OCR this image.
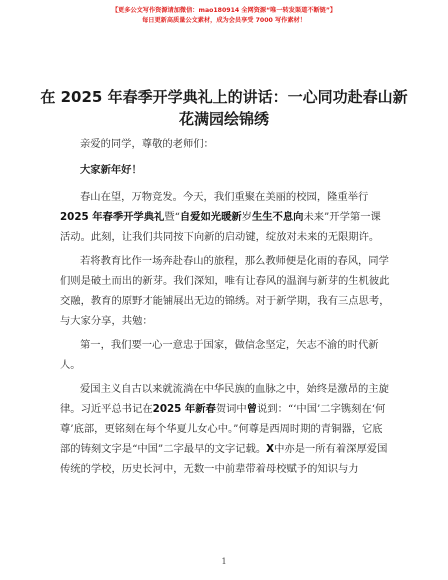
【更多公文写作资源请加微信：mao180914 全网资源“唯一转发渠道不断链”】
每日更新高质量公文素材，成为会员享受 7000 写作素材！
在 2025 年春季开学典礼上的讲话：一心同功赴春山新花满园绘锦绣

亲爱的同学，尊敬的老师们：

大家新年好！

春山在望，万物竞发。今天，我们重聚在美丽的校园，隆重举行2025 年春季开学典礼暨“自爱如光暖新岁生生不息向未来”开学第一课活动。此刻，让我们共同按下向新的启动键，绽放对未来的无限期许。

若将教育比作一场奔赴春山的旅程，那么教师便是化雨的春风，同学们则是破土而出的新芽。我们深知，唯有让春风的温润与新芽的生机彼此交融，教育的原野才能铺展出无边的锦绣。对于新学期，我有三点思考，与大家分享，共勉：

第一，我们要一心一意忠于国家，做信念坚定，矢志不渝的时代新人。

爱国主义自古以来就流淌在中华民族的血脉之中，始终是激昂的主旋律。习近平总书记在2025 年新春贺词中曾说到：“‘中国’二字镌刻在‘何尊’底部，更铭刻在每个华夏儿女心中。”何尊是西周时期的青铜器，它底部的铸刻文字是“中国”二字最早的文字记载。X中亦是一所有着深厚爱国传统的学校，历史长河中，无数一中前辈带着母校赋予的知识与力

1
